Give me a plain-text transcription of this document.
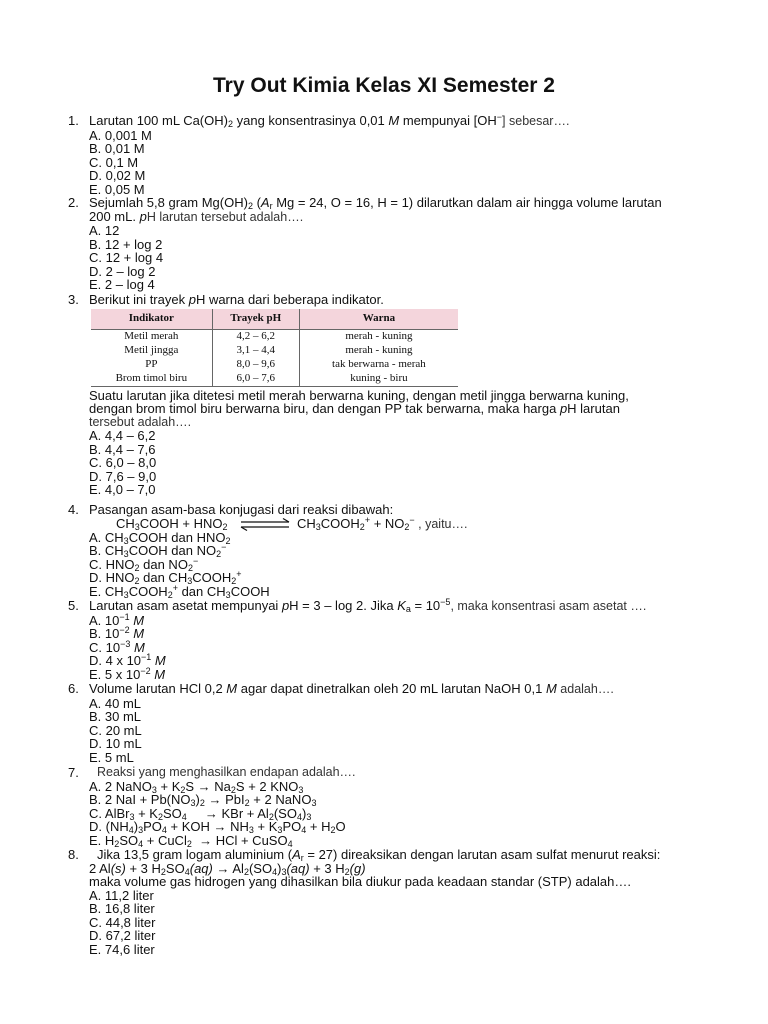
Try Out Kimia Kelas XI Semester 2
1. Larutan 100 mL $Ca(OH)_2$ yang konsentrasinya 0,01 M mempunyai [OH−] sebesar….
A. 0,001 M
B. 0,01 M
C. 0,1 M
D. 0,02 M
E. 0,05 M
2. Sejumlah 5,8 gram $Mg(OH)_2$ ($A_r$ Mg = 24, O = 16, H = 1) dilarutkan dalam air hingga volume larutan
200 mL. pH larutan tersebut adalah….
A. 12
B. 12 + log 2
C. 12 + log 4
D. 2 – log 2
E. 2 – log 4
3. Berikut ini trayek pH warna dari beberapa indikator.
Indikator	Trayek pH	Warna
Metil merah	4,2 – 6,2	merah - kuning
Metil jingga	3,1 – 4,4	merah - kuning
PP	8,0 – 9,6	tak berwarna - merah
Brom timol biru	6,0 – 7,6	kuning - biru
Suatu larutan jika ditetesi metil merah berwarna kuning, dengan metil jingga berwarna kuning,
dengan brom timol biru berwarna biru, dan dengan PP tak berwarna, maka harga pH larutan
tersebut adalah….
A. 4,4 – 6,2
B. 4,4 – 7,6
C. 6,0 – 8,0
D. 7,6 – 9,0
E. 4,0 – 7,0
4. Pasangan asam-basa konjugasi dari reaksi dibawah:
$CH_3COOH + HNO_2$ ⇌ $CH_3COOH_2^+ + NO_2^-$ , yaitu….
A. $CH_3COOH$ dan $HNO_2$
B. $CH_3COOH$ dan $NO_2^-$
C. $HNO_2$ dan $NO_2^-$
D. $HNO_2$ dan $CH_3COOH_2^+$
E. $CH_3COOH_2^+$ dan $CH_3COOH$
5. Larutan asam asetat mempunyai pH = 3 – log 2. Jika $K_a = 10^{-5}$, maka konsentrasi asam asetat ….
A. $10^{-1}$ M
B. $10^{-2}$ M
C. $10^{-3}$ M
D. 4 x $10^{-1}$ M
E. 5 x $10^{-2}$ M
6. Volume larutan HCl 0,2 M agar dapat dinetralkan oleh 20 mL larutan NaOH 0,1 M adalah….
A. 40 mL
B. 30 mL
C. 20 mL
D. 10 mL
E. 5 mL
7. Reaksi yang menghasilkan endapan adalah….
A. 2 NaNO$_3$ + $K_2S \to Na_2S + 2$ $KNO_3$
B. 2 NaI + $Pb(NO_3)_2 \to PbI_2 + 2$ NaNO$_3$
C. AlBr$_3$ + $K_2SO_4$     → KBr + $Al_2(SO_4)_3$
D. $(NH_4)_3PO_4$ + KOH → $NH_3 + K_3PO_4 + H_2O$
E. $H_2SO_4$ + CuCl$_2$  → HCl + CuSO$_4$
8. Jika 13,5 gram logam aluminium $(A_r = 27)$ direaksikan dengan larutan asam sulfat menurut reaksi:
2 Al(s) + 3 $H_2SO_4(aq) \to Al_2(SO_4)_3(aq) + 3$ $H_2(g)$
maka volume gas hidrogen yang dihasilkan bila diukur pada keadaan standar (STP) adalah….
A. 11,2 liter
B. 16,8 liter
C. 44,8 liter
D. 67,2 liter
E. 74,6 liter
